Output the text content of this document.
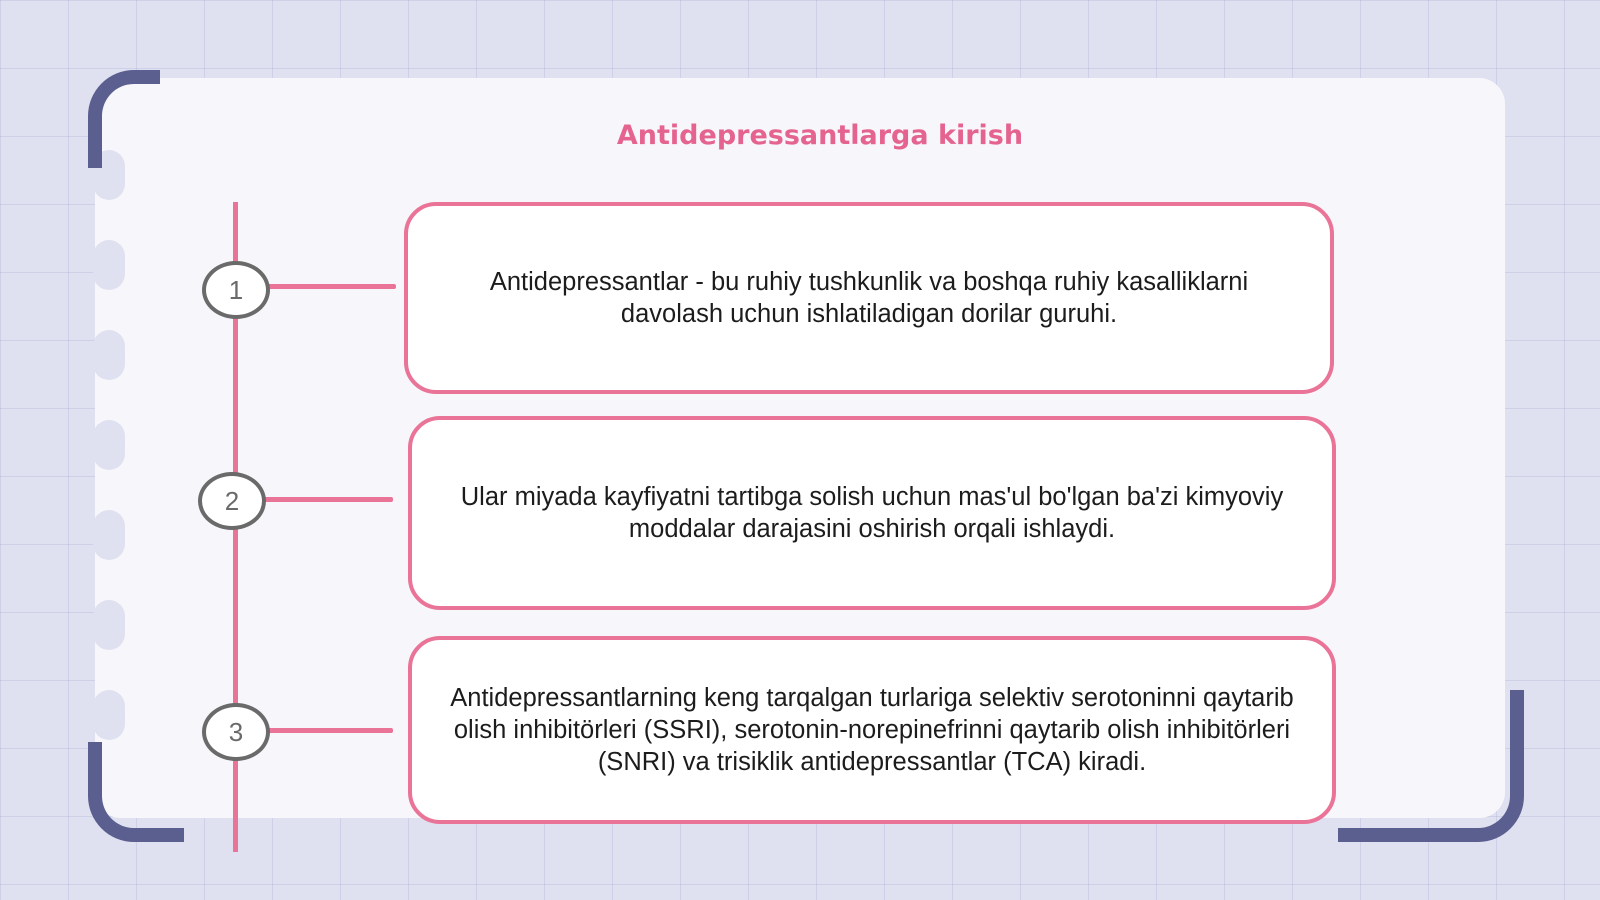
Antidepressantlarga kirish
1	Antidepressantlar - bu ruhiy tushkunlik va boshqa ruhiy kasalliklarni davolash uchun ishlatiladigan dorilar guruhi.
2	Ular miyada kayfiyatni tartibga solish uchun mas'ul bo'lgan ba'zi kimyoviy moddalar darajasini oshirish orqali ishlaydi.
3
Antidepressantlarning keng tarqalgan turlariga selektiv serotoninni qaytarib olish inhibitörleri (SSRI), serotonin-norepinefrinni qaytarib olish inhibitörleri (SNRI) va trisiklik antidepressantlar (TCA) kiradi.
